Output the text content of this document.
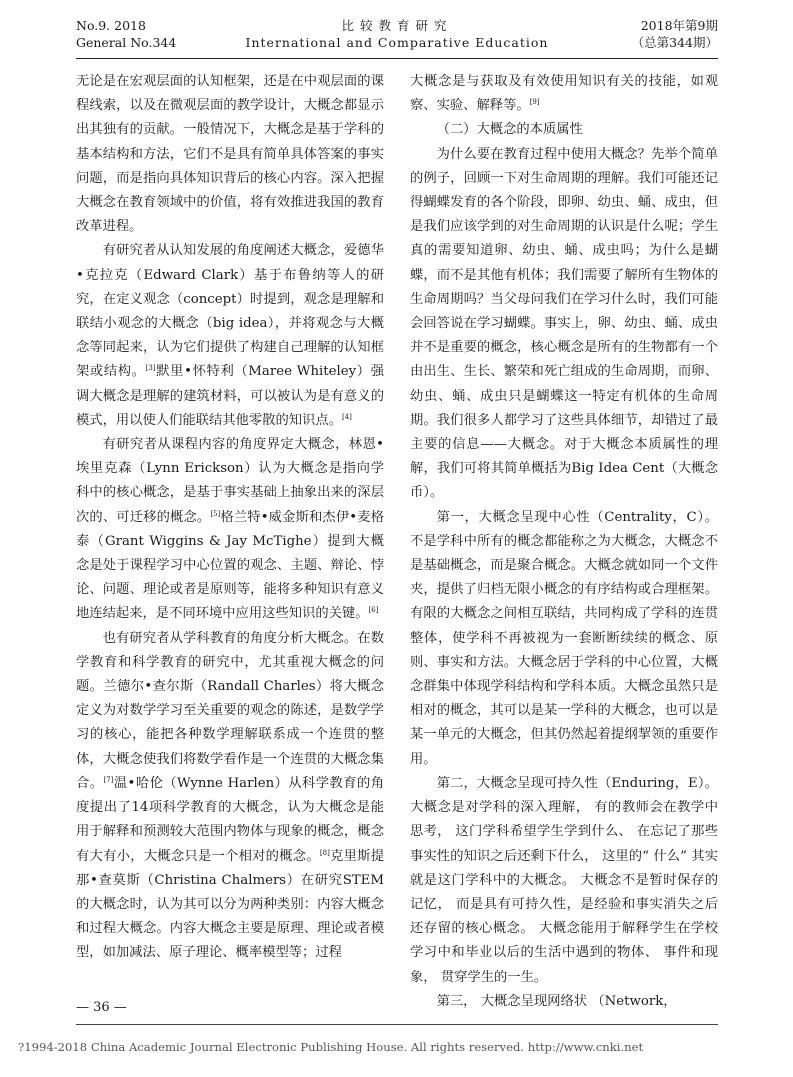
No.9. 2018
General No.344
比较教育研究
International and Comparative Education
2018年第9期
（总第344期）

无论是在宏观层面的认知框架，还是在中观层面的课程线索，以及在微观层面的教学设计，大概念都显示出其独有的贡献。一般情况下，大概念是基于学科的基本结构和方法，它们不是具有简单具体答案的事实问题，而是指向具体知识背后的核心内容。深入把握大概念在教育领域中的价值，将有效推进我国的教育改革进程。

有研究者从认知发展的角度阐述大概念，爱德华•克拉克（Edward Clark）基于布鲁纳等人的研究，在定义观念（concept）时提到，观念是理解和联结小观念的大概念（big idea），并将观念与大概念等同起来，认为它们提供了构建自己理解的认知框架或结构。[3]默里•怀特利（Maree Whiteley）强调大概念是理解的建筑材料，可以被认为是有意义的模式，用以使人们能联结其他零散的知识点。[4]

有研究者从课程内容的角度界定大概念，林恩•埃里克森（Lynn Erickson）认为大概念是指向学科中的核心概念，是基于事实基础上抽象出来的深层次的、可迁移的概念。[5]格兰特•威金斯和杰伊•麦格泰（Grant Wiggins & Jay McTighe）提到大概念是处于课程学习中心位置的观念、主题、辩论、悖论、问题、理论或者是原则等，能将多种知识有意义地连结起来，是不同环境中应用这些知识的关键。[6]

也有研究者从学科教育的角度分析大概念。在数学教育和科学教育的研究中，尤其重视大概念的问题。兰德尔•查尔斯（Randall Charles）将大概念定义为对数学学习至关重要的观念的陈述，是数学学习的核心，能把各种数学理解联系成一个连贯的整体，大概念使我们将数学看作是一个连贯的大概念集合。[7]温•哈伦（Wynne Harlen）从科学教育的角度提出了14项科学教育的大概念，认为大概念是能用于解释和预测较大范围内物体与现象的概念，概念有大有小，大概念只是一个相对的概念。[8]克里斯提那•查莫斯（Christina Chalmers）在研究STEM的大概念时，认为其可以分为两种类别：内容大概念和过程大概念。内容大概念主要是原理、理论或者模型，如加减法、原子理论、概率模型等；过程

大概念是与获取及有效使用知识有关的技能，如观察、实验、解释等。[9]

（二）大概念的本质属性

为什么要在教育过程中使用大概念？先举个简单的例子，回顾一下对生命周期的理解。我们可能还记得蝴蝶发育的各个阶段，即卵、幼虫、蛹、成虫，但是我们应该学到的对生命周期的认识是什么呢；学生真的需要知道卵、幼虫、蛹、成虫吗；为什么是蝴蝶，而不是其他有机体；我们需要了解所有生物体的生命周期吗？当父母问我们在学习什么时，我们可能会回答说在学习蝴蝶。事实上，卵、幼虫、蛹、成虫并不是重要的概念，核心概念是所有的生物都有一个由出生、生长、繁荣和死亡组成的生命周期，而卵、幼虫、蛹、成虫只是蝴蝶这一特定有机体的生命周期。我们很多人都学习了这些具体细节，却错过了最主要的信息——大概念。对于大概念本质属性的理解，我们可将其简单概括为Big Idea Cent（大概念币）。

第一，大概念呈现中心性（Centrality，C）。不是学科中所有的概念都能称之为大概念，大概念不是基础概念，而是聚合概念。大概念就如同一个文件夹，提供了归档无限小概念的有序结构或合理框架。有限的大概念之间相互联结，共同构成了学科的连贯整体，使学科不再被视为一套断断续续的概念、原则、事实和方法。大概念居于学科的中心位置，大概念群集中体现学科结构和学科本质。大概念虽然只是相对的概念，其可以是某一学科的大概念，也可以是某一单元的大概念，但其仍然起着提纲挈领的重要作用。

第二，大概念呈现可持久性（Enduring，E）。 大概念是对学科的深入理解， 有的教师会在教学中思考， 这门学科希望学生学到什么、 在忘记了那些事实性的知识之后还剩下什么， 这里的“ 什么” 其实就是这门学科中的大概念。 大概念不是暂时保存的记忆， 而是具有可持久性，是经验和事实消失之后还存留的核心概念。 大概念能用于解释学生在学校学习中和毕业以后的生活中遇到的物体、 事件和现象， 贯穿学生的一生。

第三， 大概念呈现网络状 （Network，

— 36 —
?1994-2018 China Academic Journal Electronic Publishing House. All rights reserved. http://www.cnki.net
